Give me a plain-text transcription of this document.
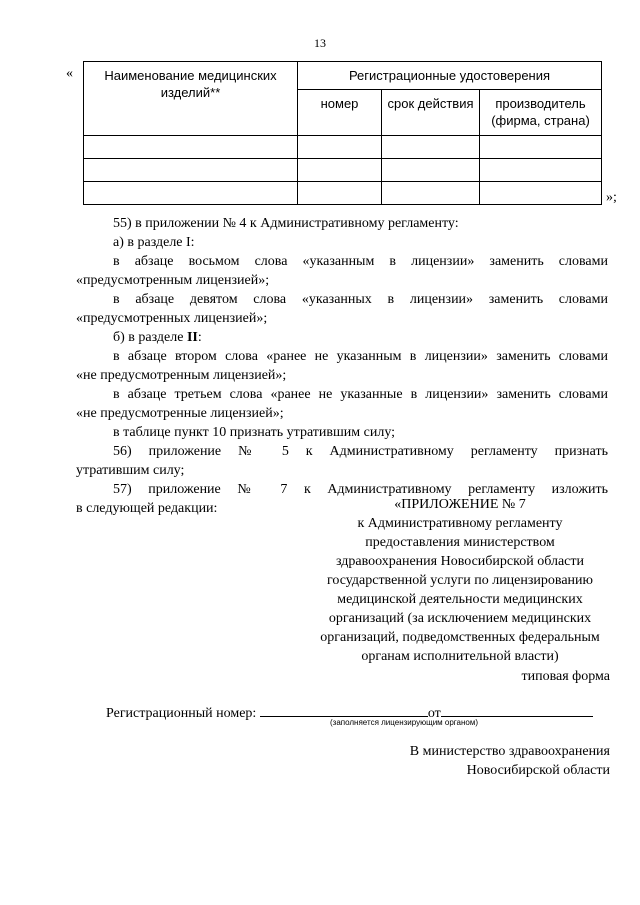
13
« Наименование медицинских изделий**	Регистрационные удостоверения		
	номер	срок действия	производитель (фирма, страна)

»;
55) в приложении № 4 к Административному регламенту:
а) в разделе I:
в абзаце восьмом слова «указанным в лицензии» заменить словами
«предусмотренным лицензией»;
в абзаце девятом слова «указанных в лицензии» заменить словами
«предусмотренных лицензией»;
б) в разделе II:
в абзаце втором слова «ранее не указанным в лицензии» заменить словами
«не предусмотренным лицензией»;
в абзаце третьем слова «ранее не указанные в лицензии» заменить словами
«не предусмотренные лицензией»;
в таблице пункт 10 признать утратившим силу;
56) приложение № 5 к Административному регламенту признать
утратившим силу;
57) приложение № 7 к Административному регламенту изложить
в следующей редакции:	«ПРИЛОЖЕНИЕ № 7
к Административному регламенту
предоставления министерством
здравоохранения Новосибирской области
государственной услуги по лицензированию
медицинской деятельности медицинских
организаций (за исключением медицинских
организаций, подведомственных федеральным
органам исполнительной власти)
типовая форма
Регистрационный номер:	от
(заполняется лицензирующим органом)
В министерство здравоохранения
Новосибирской области
